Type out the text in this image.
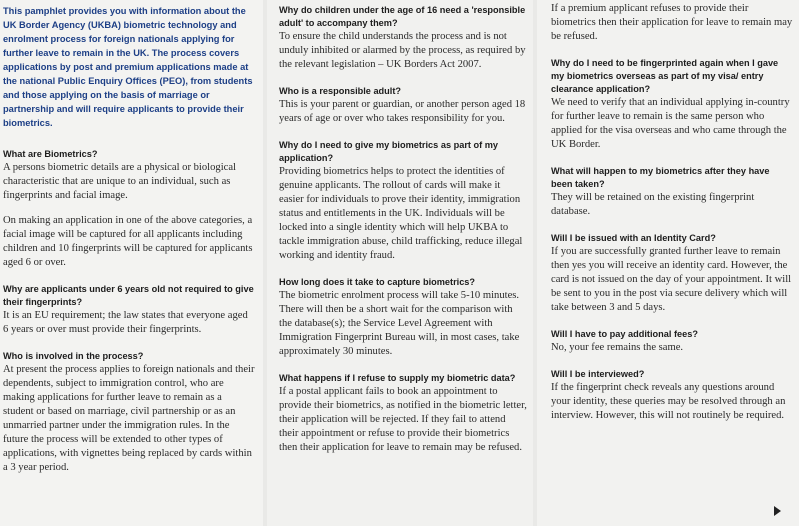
This pamphlet provides you with information about the UK Border Agency (UKBA) biometric technology and enrolment process for foreign nationals applying for further leave to remain in the UK. The process covers applications by post and premium applications made at the national Public Enquiry Offices (PEO), from students and those applying on the basis of marriage or partnership and will require applicants to provide their biometrics.

What are Biometrics?

A persons biometric details are a physical or biological characteristic that are unique to an individual, such as fingerprints and facial image.

On making an application in one of the above categories, a facial image will be captured for all applicants including children and 10 fingerprints will be captured for applicants aged 6 or over.

Why are applicants under 6 years old not required to give their fingerprints?

It is an EU requirement; the law states that everyone aged 6 years or over must provide their fingerprints.

Who is involved in the process?

At present the process applies to foreign nationals and their dependents, subject to immigration control, who are making applications for further leave to remain as a student or based on marriage, civil partnership or as an unmarried partner under the immigration rules. In the future the process will be extended to other types of applications, with vignettes being replaced by cards within a 3 year period.

Why do children under the age of 16 need a 'responsible adult' to accompany them?

To ensure the child understands the process and is not unduly inhibited or alarmed by the process, as required by the relevant legislation – UK Borders Act 2007.

Who is a responsible adult?

This is your parent or guardian, or another person aged 18 years of age or over who takes responsibility for you.

Why do I need to give my biometrics as part of my application?

Providing biometrics helps to protect the identities of genuine applicants. The rollout of cards will make it easier for individuals to prove their identity, immigration status and entitlements in the UK. Individuals will be locked into a single identity which will help UKBA to tackle immigration abuse, child trafficking, reduce illegal working and identity fraud.

How long does it take to capture biometrics?

The biometric enrolment process will take 5-10 minutes. There will then be a short wait for the comparison with the database(s); the Service Level Agreement with Immigration Fingerprint Bureau will, in most cases, take approximately 30 minutes.

What happens if I refuse to supply my biometric data?

If a postal applicant fails to book an appointment to provide their biometrics, as notified in the biometric letter, their application will be rejected. If they fail to attend their appointment or refuse to provide their biometrics then their application for leave to remain may be refused.

If a premium applicant refuses to provide their biometrics then their application for leave to remain may be refused.

Why do I need to be fingerprinted again when I gave my biometrics overseas as part of my visa/ entry clearance application?

We need to verify that an individual applying in-country for further leave to remain is the same person who applied for the visa overseas and who came through the UK Border.

What will happen to my biometrics after they have been taken?

They will be retained on the existing fingerprint database.

Will I be issued with an Identity Card?

If you are successfully granted further leave to remain then yes you will receive an identity card. However, the card is not issued on the day of your appointment. It will be sent to you in the post via secure delivery which will take between 3 and 5 days.

Will I have to pay additional fees?

No, your fee remains the same.

Will I be interviewed?

If the fingerprint check reveals any questions around your identity, these queries may be resolved through an interview. However, this will not routinely be required.
